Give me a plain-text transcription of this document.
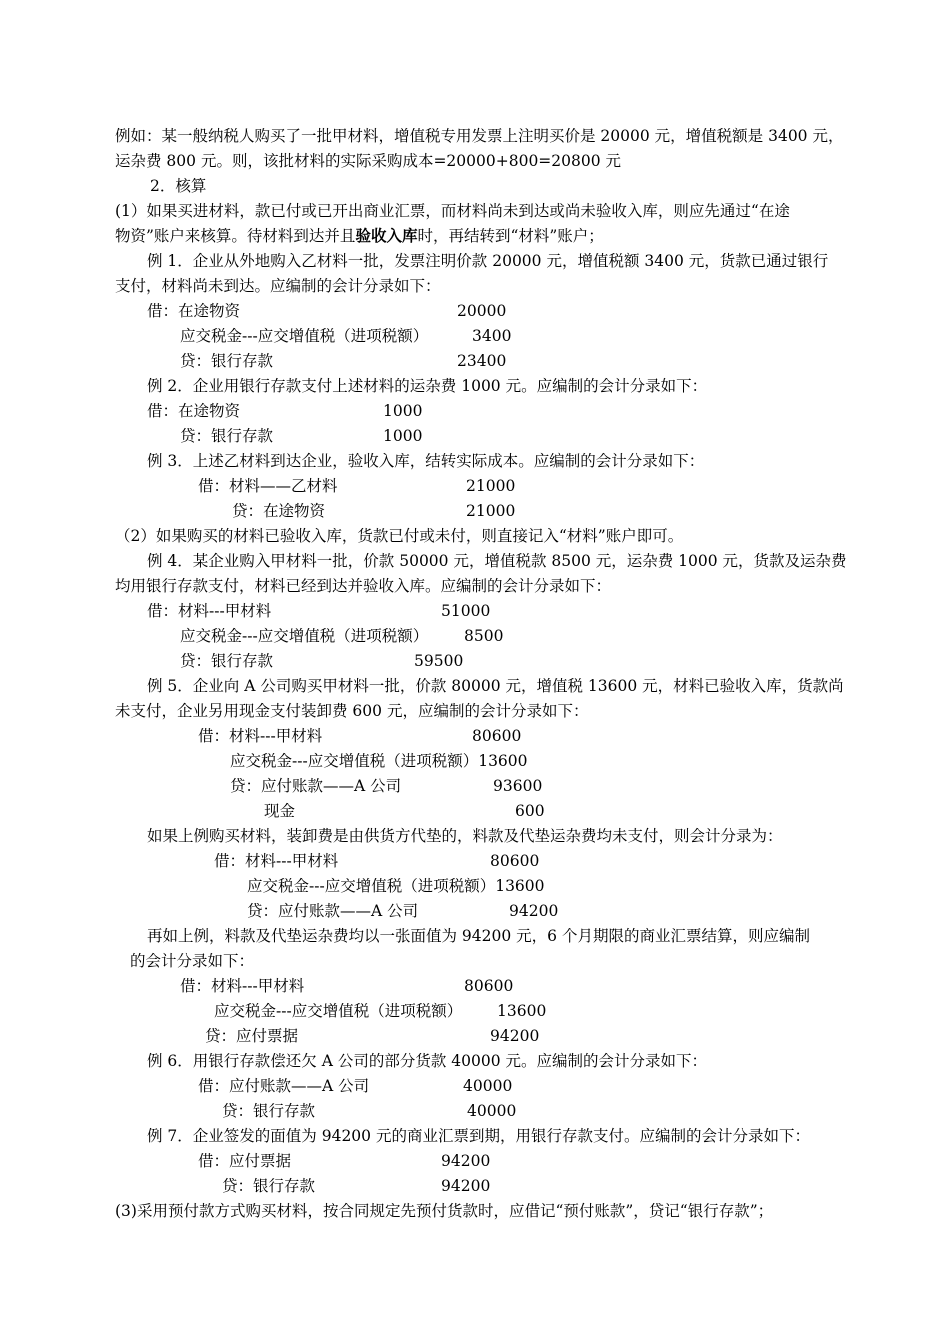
例如：某一般纳税人购买了一批甲材料，增值税专用发票上注明买价是 20000 元，增值税额是 3400 元，
运杂费 800 元。则，该批材料的实际采购成本=20000+800=20800 元
2．核算
(1）如果买进材料，款已付或已开出商业汇票，而材料尚未到达或尚未验收入库，则应先通过“在途
物资”账户来核算。待材料到达并且验收入库时，再结转到“材料”账户；
例 1．企业从外地购入乙材料一批，发票注明价款 20000 元，增值税额 3400 元，货款已通过银行
支付，材料尚未到达。应编制的会计分录如下：
借：在途物资	20000
应交税金---应交增值税（进项税额）	3400
贷：银行存款	23400
例 2．企业用银行存款支付上述材料的运杂费 1000 元。应编制的会计分录如下：
借：在途物资	1000
贷：银行存款	1000
例 3．上述乙材料到达企业，验收入库，结转实际成本。应编制的会计分录如下：
借：材料——乙材料	21000
贷：在途物资	21000
（2）如果购买的材料已验收入库，货款已付或未付，则直接记入“材料”账户即可。
例 4．某企业购入甲材料一批，价款 50000 元，增值税款 8500 元，运杂费 1000 元，货款及运杂费
均用银行存款支付，材料已经到达并验收入库。应编制的会计分录如下：
借：材料---甲材料	51000
应交税金---应交增值税（进项税额） 8500
贷：银行存款	59500
例 5．企业向 A 公司购买甲材料一批，价款 80000 元，增值税 13600 元，材料已验收入库，货款尚
未支付，企业另用现金支付装卸费 600 元，应编制的会计分录如下：
借：材料---甲材料	80600
应交税金---应交增值税（进项税额）13600
贷：应付账款——A 公司	93600
现金	600
如果上例购买材料，装卸费是由供货方代垫的，料款及代垫运杂费均未支付，则会计分录为：
借：材料---甲材料	80600
应交税金---应交增值税（进项税额）13600
贷：应付账款——A 公司	94200
再如上例，料款及代垫运杂费均以一张面值为 94200 元，6 个月期限的商业汇票结算，则应编制
的会计分录如下：
借：材料---甲材料	80600
应交税金---应交增值税（进项税额） 13600
贷：应付票据	94200
例 6．用银行存款偿还欠 A 公司的部分货款 40000 元。应编制的会计分录如下：
借：应付账款——A 公司	40000
贷：银行存款	40000
例 7．企业签发的面值为 94200 元的商业汇票到期，用银行存款支付。应编制的会计分录如下：
借：应付票据	94200
贷：银行存款	94200
(3)采用预付款方式购买材料，按合同规定先预付货款时，应借记“预付账款”，贷记“银行存款”；
